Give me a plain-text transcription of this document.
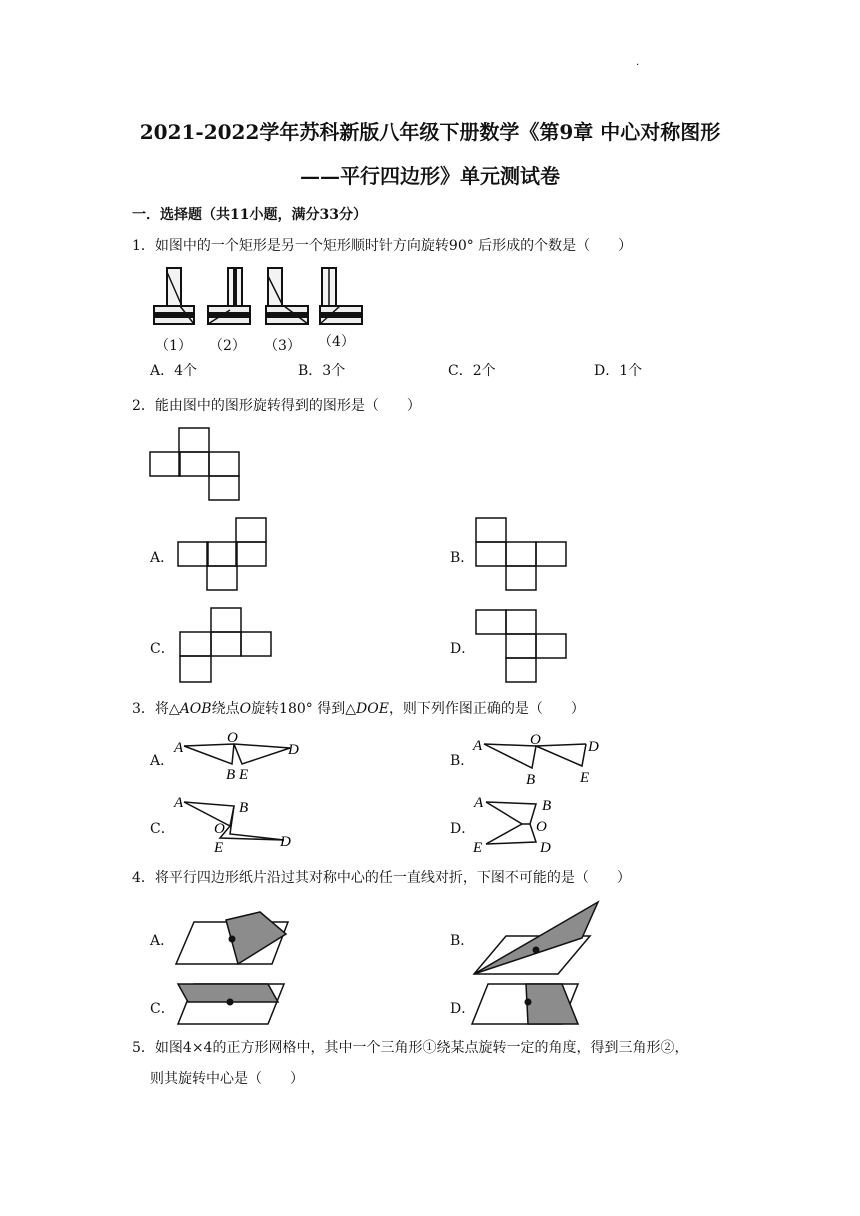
·
2021-2022学年苏科新版八年级下册数学《第9章 中心对称图形
——平行四边形》单元测试卷
一．选择题（共11小题，满分33分）
1．如图中的一个矩形是另一个矩形顺时针方向旋转90° 后形成的个数是（　　）
（1） （2） （3） （4）
A．4个	B．3个	C．2个	D．1个
2．能由图中的图形旋转得到的图形是（　　）
A．	B．
C．	D．
3．将△AOB绕点O旋转180° 得到△DOE，则下列作图正确的是（　　）
A．
A
O
D
B E
B．
A	O	D
B	E
C．
A	B
O
D
E
D．
A	B
O
D
E
4．将平行四边形纸片沿过其对称中心的任一直线对折，下图不可能的是（　　）
A．	B．
C．	D．
5．如图4×4的正方形网格中，其中一个三角形①绕某点旋转一定的角度，得到三角形②，
则其旋转中心是（　　）
